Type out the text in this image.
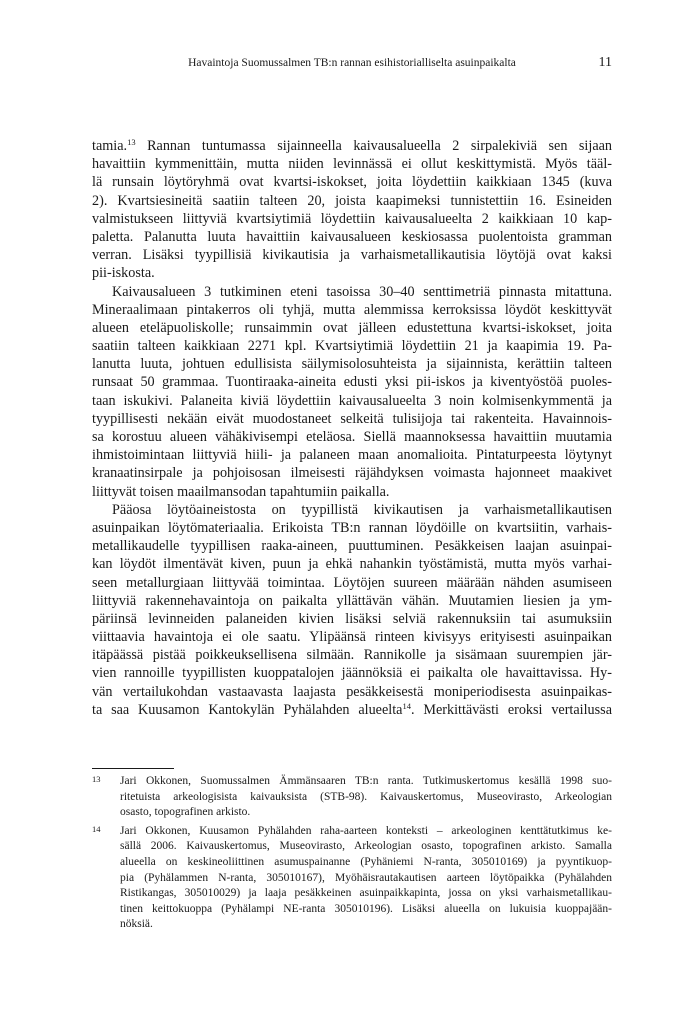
Havaintoja Suomussalmen TB:n rannan esihistorialliselta asuinpaikalta	11
tamia.$^{13}$ Rannan tuntumassa sijainneella kaivausalueella 2 sirpalekiviä sen sijaan
havaittiin kymmenittäin, mutta niiden levinnässä ei ollut keskittymistä. Myös tääl-
lä runsain löytöryhmä ovat kvartsi-iskokset, joita löydettiin kaikkiaan 1345 (kuva
2). Kvartsiesineitä saatiin talteen 20, joista kaapimeksi tunnistettiin 16. Esineiden
valmistukseen liittyviä kvartsiytimiä löydettiin kaivausalueelta 2 kaikkiaan 10 kap-
paletta. Palanutta luuta havaittiin kaivausalueen keskiosassa puolentoista gramman
verran. Lisäksi tyypillisiä kivikautisia ja varhaismetallikautisia löytöjä ovat kaksi
pii-iskosta.
Kaivausalueen 3 tutkiminen eteni tasoissa 30–40 senttimetriä pinnasta mitattuna.
Mineraalimaan pintakerros oli tyhjä, mutta alemmissa kerroksissa löydöt keskittyvät
alueen eteläpuoliskolle; runsaimmin ovat jälleen edustettuna kvartsi-iskokset, joita
saatiin talteen kaikkiaan 2271 kpl. Kvartsiytimiä löydettiin 21 ja kaapimia 19. Pa-
lanutta luuta, johtuen edullisista säilymisolosuhteista ja sijainnista, kerättiin talteen
runsaat 50 grammaa. Tuontiraaka-aineita edusti yksi pii-iskos ja kiventyöstöä puoles-
taan iskukivi. Palaneita kiviä löydettiin kaivausalueelta 3 noin kolmisenkymmentä ja
tyypillisesti nekään eivät muodostaneet selkeitä tulisijoja tai rakenteita. Havainnois-
sa korostuu alueen vähäkivisempi eteläosa. Siellä maannoksessa havaittiin muutamia
ihmistoimintaan liittyviä hiili- ja palaneen maan anomalioita. Pintaturpeesta löytynyt
kranaatinsirpale ja pohjoisosan ilmeisesti räjähdyksen voimasta hajonneet maakivet
liittyvät toisen maailmansodan tapahtumiin paikalla.
Pääosa löytöaineistosta on tyypillistä kivikautisen ja varhaismetallikautisen
asuinpaikan löytömateriaalia. Erikoista TB:n rannan löydöille on kvartsiitin, varhais-
metallikaudelle tyypillisen raaka-aineen, puuttuminen. Pesäkkeisen laajan asuinpai-
kan löydöt ilmentävät kiven, puun ja ehkä nahankin työstämistä, mutta myös varhai-
seen metallurgiaan liittyvää toimintaa. Löytöjen suureen määrään nähden asumiseen
liittyviä rakennehavaintoja on paikalta yllättävän vähän. Muutamien liesien ja ym-
päriinsä levinneiden palaneiden kivien lisäksi selviä rakennuksiin tai asumuksiin
viittaavia havaintoja ei ole saatu. Ylipäänsä rinteen kivisyys erityisesti asuinpaikan
itäpäässä pistää poikkeuksellisena silmään. Rannikolle ja sisämaan suurempien jär-
vien rannoille tyypillisten kuoppatalojen jäännöksiä ei paikalta ole havaittavissa. Hy-
vän vertailukohdan vastaavasta laajasta pesäkkeisestä moniperiodisesta asuinpaikas-
ta saa Kuusamon Kantokylän Pyhälahden alueelta$^{14}$. Merkittävästi eroksi vertailussa
13 Jari Okkonen, Suomussalmen Ämmänsaaren TB:n ranta. Tutkimuskertomus kesällä 1998 suo-
ritetuista arkeologisista kaivauksista (STB-98). Kaivauskertomus, Museovirasto, Arkeologian
osasto, topografinen arkisto.
14 Jari Okkonen, Kuusamon Pyhälahden raha-aarteen konteksti – arkeologinen kenttätutkimus ke-
sällä 2006. Kaivauskertomus, Museovirasto, Arkeologian osasto, topografinen arkisto. Samalla
alueella on keskineoliittinen asumuspainanne (Pyhäniemi N-ranta, 305010169) ja pyyntikuop-
pia (Pyhälammen N-ranta, 305010167), Myöhäisrautakautisen aarteen löytöpaikka (Pyhälahden
Ristikangas, 305010029) ja laaja pesäkkeinen asuinpaikkapinta, jossa on yksi varhaismetallikau-
tinen keittokuoppa (Pyhälampi NE-ranta 305010196). Lisäksi alueella on lukuisia kuoppajään-
nöksiä.
